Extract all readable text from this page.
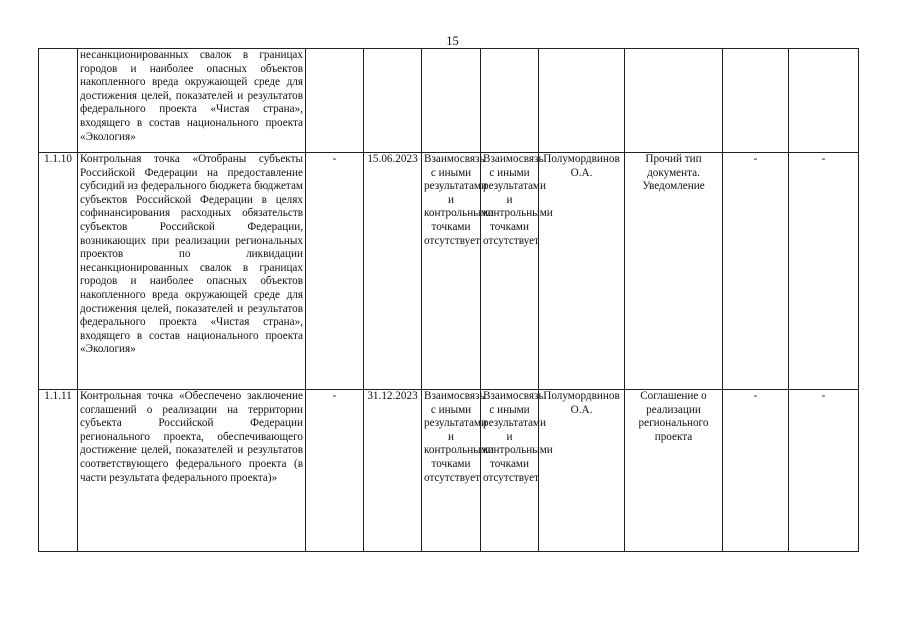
15
	несанкционированных свалок в границах городов и наиболее опасных объектов накопленного вреда окружающей среде для достижения целей, показателей и результатов федерального проекта «Чистая страна», входящего в состав национального проекта «Экология»								
1.1.10	Контрольная точка «Отобраны субъекты Российской Федерации на предоставление субсидий из федерального бюджета бюджетам субъектов Российской Федерации в целях софинансирования расходных обязательств субъектов Российской Федерации, возникающих при реализации региональных проектов по ликвидации несанкционированных свалок в границах городов и наиболее опасных объектов накопленного вреда окружающей среде для достижения целей, показателей и результатов федерального проекта «Чистая страна», входящего в состав национального проекта «Экология»	-	15.06.2023	Взаимосвязь с иными результатами и контрольными точками отсутствует	Взаимосвязь с иными результатами и контрольными точками отсутствует	Полумордвинов О.А.	Прочий тип документа. Уведомление	-	-
1.1.11	Контрольная точка «Обеспечено заключение соглашений о реализации на территории субъекта Российской Федерации регионального проекта, обеспечивающего достижение целей, показателей и результатов соответствующего федерального проекта (в части результата федерального проекта)»	-	31.12.2023	Взаимосвязь с иными результатами и контрольными точками отсутствует	Взаимосвязь с иными результатами и контрольными точками отсутствует	Полумордвинов О.А.	Соглашение о реализации регионального проекта	-	-
